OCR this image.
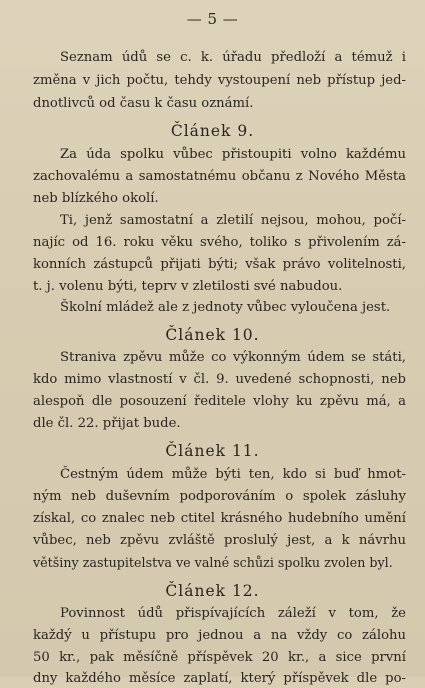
— 5 —
Seznam údů se c. k. úřadu předloží a témuž i
změna v jich počtu, tehdy vystoupení neb přístup jed-
dnotlivců od času k času oznámí.
Článek 9.
Za úda spolku vůbec přistoupiti volno každému
zachovalému a samostatnému občanu z Nového Města
neb blízkého okolí.
Ti, jenž samostatní a zletilí nejsou, mohou, počí-
najíc od 16. roku věku svého, toliko s přivolením zá-
konních zástupců přijati býti; však právo volitelnosti,
t. j. volenu býti, teprv v zletilosti své nabudou.
Školní mládež ale z jednoty vůbec vyloučena jest.
Článek 10.
Straniva zpěvu může co výkonným údem se státi,
kdo mimo vlastností v čl. 9. uvedené schopnosti, neb
alespoň dle posouzení ředitele vlohy ku zpěvu má, a
dle čl. 22. přijat bude.
Článek 11.
Čestným údem může býti ten, kdo si buď hmot-
ným neb duševním podporováním o spolek zásluhy
získal, co znalec neb ctitel krásného hudebního umění
vůbec, neb zpěvu zvláště proslulý jest, a k návrhu
většiny zastupitelstva ve valné schůzi spolku zvolen byl.
Článek 12.
Povinnost údů přispívajících záleží v tom, že
každý u přístupu pro jednou a na vždy co zálohu
50 kr., pak měsíčně příspěvek 20 kr., a sice první
dny každého měsíce zaplatí, který příspěvek dle po-
